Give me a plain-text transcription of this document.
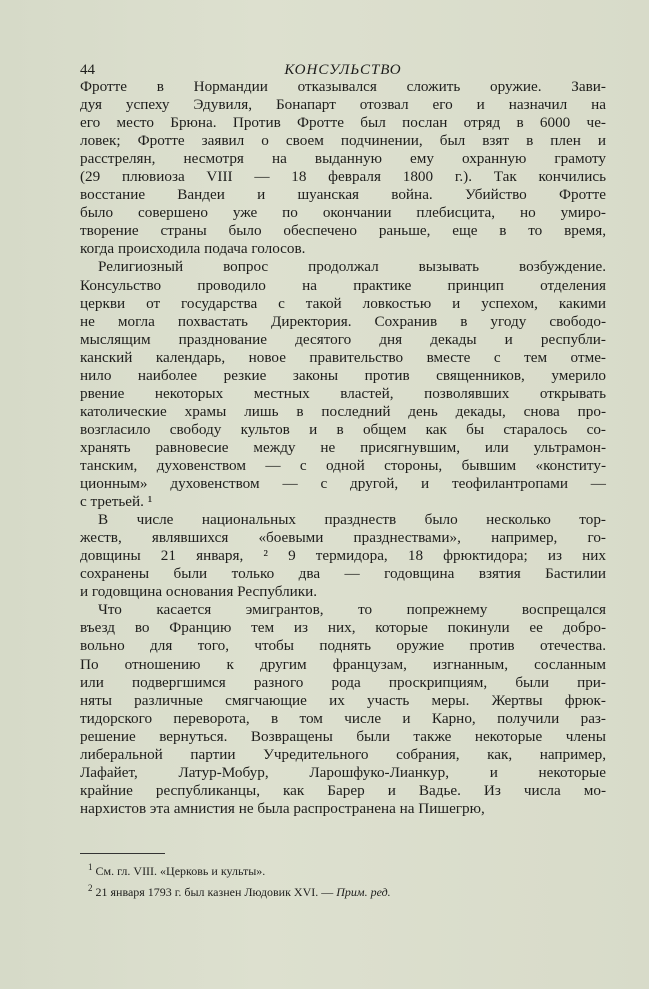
44	КОНСУЛЬСТВО
Фротте в Нормандии отказывался сложить оружие. Зави-
дуя успеху Эдувиля, Бонапарт отозвал его и назначил на
его место Брюна. Против Фротте был послан отряд в 6000 че-
ловек; Фротте заявил о своем подчинении, был взят в плен и
расстрелян, несмотря на выданную ему охранную грамоту
(29 плювиоза VIII — 18 февраля 1800 г.). Так кончились
восстание Вандеи и шуанская война. Убийство Фротте
было совершено уже по окончании плебисцита, но умиро-
творение страны было обеспечено раньше, еще в то время,
когда происходила подача голосов.
Религиозный вопрос продолжал вызывать возбуждение.
Консульство проводило на практике принцип отделения
церкви от государства с такой ловкостью и успехом, какими
не могла похвастать Директория. Сохранив в угоду свободо-
мыслящим празднование десятого дня декады и республи-
канский календарь, новое правительство вместе с тем отме-
нило наиболее резкие законы против священников, умерило
рвение некоторых местных властей, позволявших открывать
католические храмы лишь в последний день декады, снова про-
возгласило свободу культов и в общем как бы старалось со-
хранять равновесие между не присягнувшим, или ультрамон-
танским, духовенством — с одной стороны, бывшим «конститу-
ционным» духовенством — с другой, и теофилантропами —
с третьей. ¹
В числе национальных празднеств было несколько тор-
жеств, являвшихся «боевыми празднествами», например, го-
довщины 21 января, ² 9 термидора, 18 фрюктидора; из них
сохранены были только два — годовщина взятия Бастилии
и годовщина основания Республики.
Что касается эмигрантов, то попрежнему воспрещался
въезд во Францию тем из них, которые покинули ее добро-
вольно для того, чтобы поднять оружие против отечества.
По отношению к другим французам, изгнанным, сосланным
или подвергшимся разного рода проскрипциям, были при-
няты различные смягчающие их участь меры. Жертвы фрюк-
тидорского переворота, в том числе и Карно, получили раз-
решение вернуться. Возвращены были также некоторые члены
либеральной партии Учредительного собрания, как, например,
Лафайет, Латур-Мобур, Ларошфуко-Лианкур, и некоторые
крайние республиканцы, как Барер и Вадье. Из числа мо-
нархистов эта амнистия не была распространена на Пишегрю,
$^1$ См. гл. VIII. «Церковь и культы».
$^2$ 21 января 1793 г. был казнен Людовик XVI. — Прим. ред.
